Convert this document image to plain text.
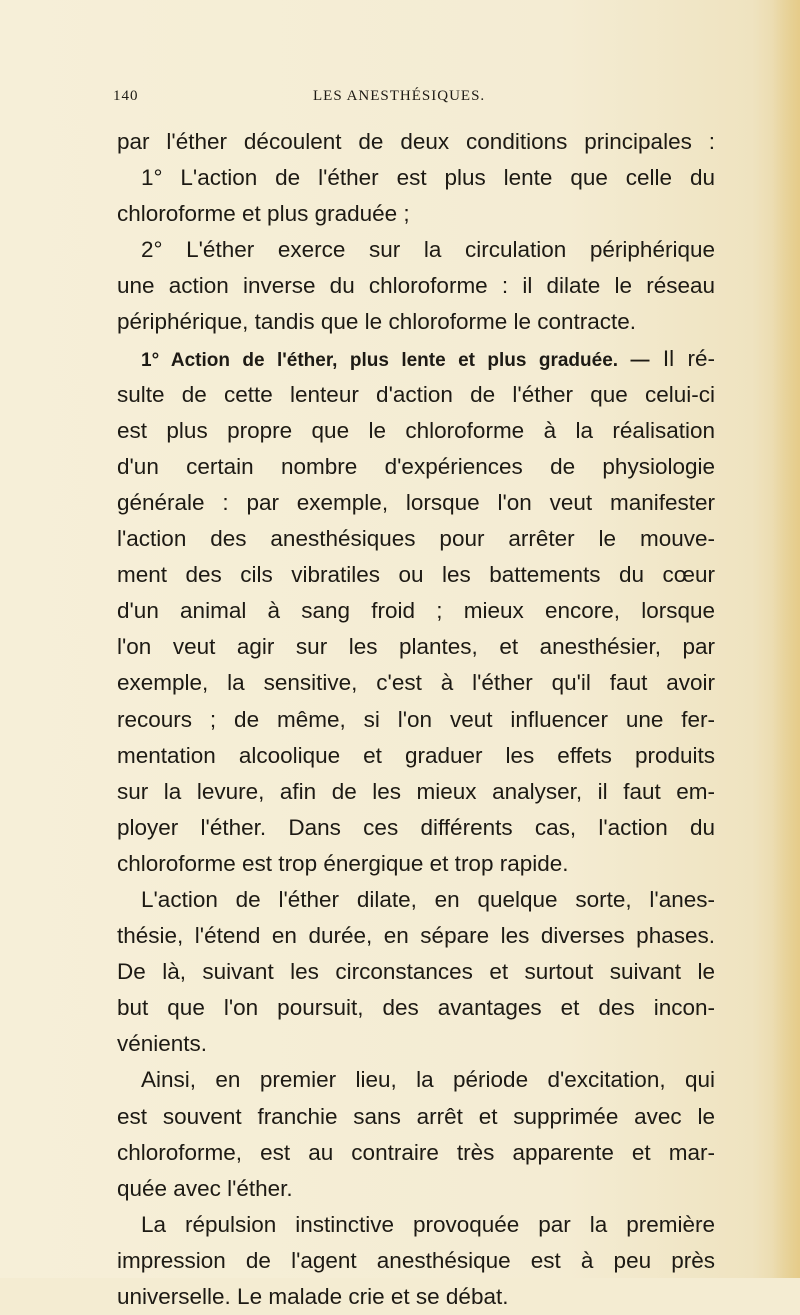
140	LES ANESTHÉSIQUES.
par l'éther découlent de deux conditions principales :
1° L'action de l'éther est plus lente que celle du
chloroforme et plus graduée ;
2° L'éther exerce sur la circulation périphérique
une action inverse du chloroforme : il dilate le réseau
périphérique, tandis que le chloroforme le contracte.
1° Action de l'éther, plus lente et plus graduée. — Il ré-
sulte de cette lenteur d'action de l'éther que celui-ci
est plus propre que le chloroforme à la réalisation
d'un certain nombre d'expériences de physiologie
générale : par exemple, lorsque l'on veut manifester
l'action des anesthésiques pour arrêter le mouve-
ment des cils vibratiles ou les battements du cœur
d'un animal à sang froid ; mieux encore, lorsque
l'on veut agir sur les plantes, et anesthésier, par
exemple, la sensitive, c'est à l'éther qu'il faut avoir
recours ; de même, si l'on veut influencer une fer-
mentation alcoolique et graduer les effets produits
sur la levure, afin de les mieux analyser, il faut em-
ployer l'éther. Dans ces différents cas, l'action du
chloroforme est trop énergique et trop rapide.
L'action de l'éther dilate, en quelque sorte, l'anes-
thésie, l'étend en durée, en sépare les diverses phases.
De là, suivant les circonstances et surtout suivant le
but que l'on poursuit, des avantages et des incon-
vénients.
Ainsi, en premier lieu, la période d'excitation, qui
est souvent franchie sans arrêt et supprimée avec le
chloroforme, est au contraire très apparente et mar-
quée avec l'éther.
La répulsion instinctive provoquée par la première
impression de l'agent anesthésique est à peu près
universelle. Le malade crie et se débat.
